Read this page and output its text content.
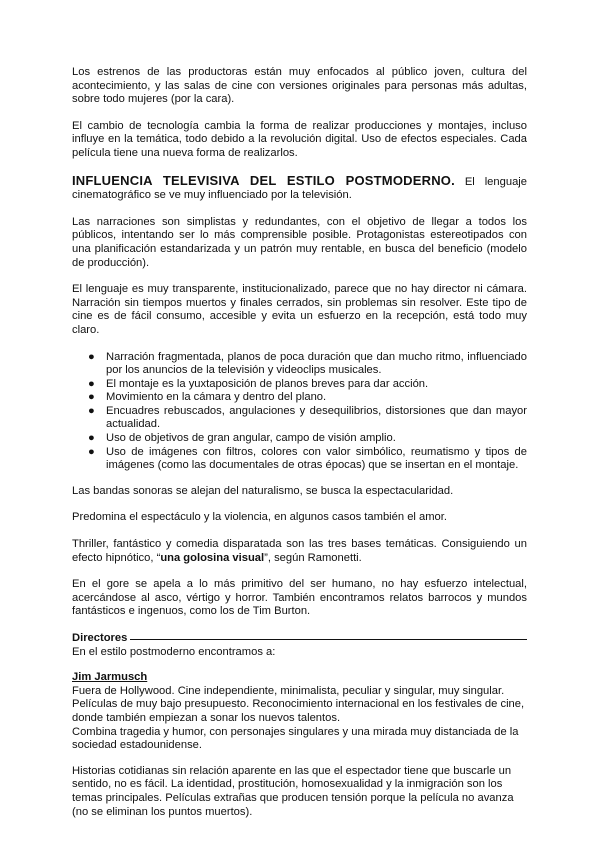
Los estrenos de las productoras están muy enfocados al público joven, cultura del acontecimiento, y las salas de cine con versiones originales para personas más adultas, sobre todo mujeres (por la cara).

El cambio de tecnología cambia la forma de realizar producciones y montajes, incluso influye en la temática, todo debido a la revolución digital. Uso de efectos especiales. Cada película tiene una nueva forma de realizarlos.

INFLUENCIA TELEVISIVA DEL ESTILO POSTMODERNO. El lenguaje cinematográfico se ve muy influenciado por la televisión.

Las narraciones son simplistas y redundantes, con el objetivo de llegar a todos los públicos, intentando ser lo más comprensible posible. Protagonistas estereotipados con una planificación estandarizada y un patrón muy rentable, en busca del beneficio (modelo de producción).

El lenguaje es muy transparente, institucionalizado, parece que no hay director ni cámara. Narración sin tiempos muertos y finales cerrados, sin problemas sin resolver. Este tipo de cine es de fácil consumo, accesible y evita un esfuerzo en la recepción, está todo muy claro.

● Narración fragmentada, planos de poca duración que dan mucho ritmo, influenciado por los anuncios de la televisión y videoclips musicales.
● El montaje es la yuxtaposición de planos breves para dar acción.
● Movimiento en la cámara y dentro del plano.
● Encuadres rebuscados, angulaciones y desequilibrios, distorsiones que dan mayor actualidad.
● Uso de objetivos de gran angular, campo de visión amplio.
● Uso de imágenes con filtros, colores con valor simbólico, reumatismo y tipos de imágenes (como las documentales de otras épocas) que se insertan en el montaje.

Las bandas sonoras se alejan del naturalismo, se busca la espectacularidad.

Predomina el espectáculo y la violencia, en algunos casos también el amor.

Thriller, fantástico y comedia disparatada son las tres bases temáticas. Consiguiendo un efecto hipnótico, “una golosina visual”, según Ramonetti.

En el gore se apela a lo más primitivo del ser humano, no hay esfuerzo intelectual, acercándose al asco, vértigo y horror. También encontramos relatos barrocos y mundos fantásticos e ingenuos, como los de Tim Burton.

Directores
En el estilo postmoderno encontramos a:
Jim Jarmusch
Fuera de Hollywood. Cine independiente, minimalista, peculiar y singular, muy singular.
Películas de muy bajo presupuesto. Reconocimiento internacional en los festivales de cine, donde también empiezan a sonar los nuevos talentos.
Combina tragedia y humor, con personajes singulares y una mirada muy distanciada de la sociedad estadounidense.
Historias cotidianas sin relación aparente en las que el espectador tiene que buscarle un sentido, no es fácil. La identidad, prostitución, homosexualidad y la inmigración son los temas principales. Películas extrañas que producen tensión porque la película no avanza (no se eliminan los puntos muertos).
